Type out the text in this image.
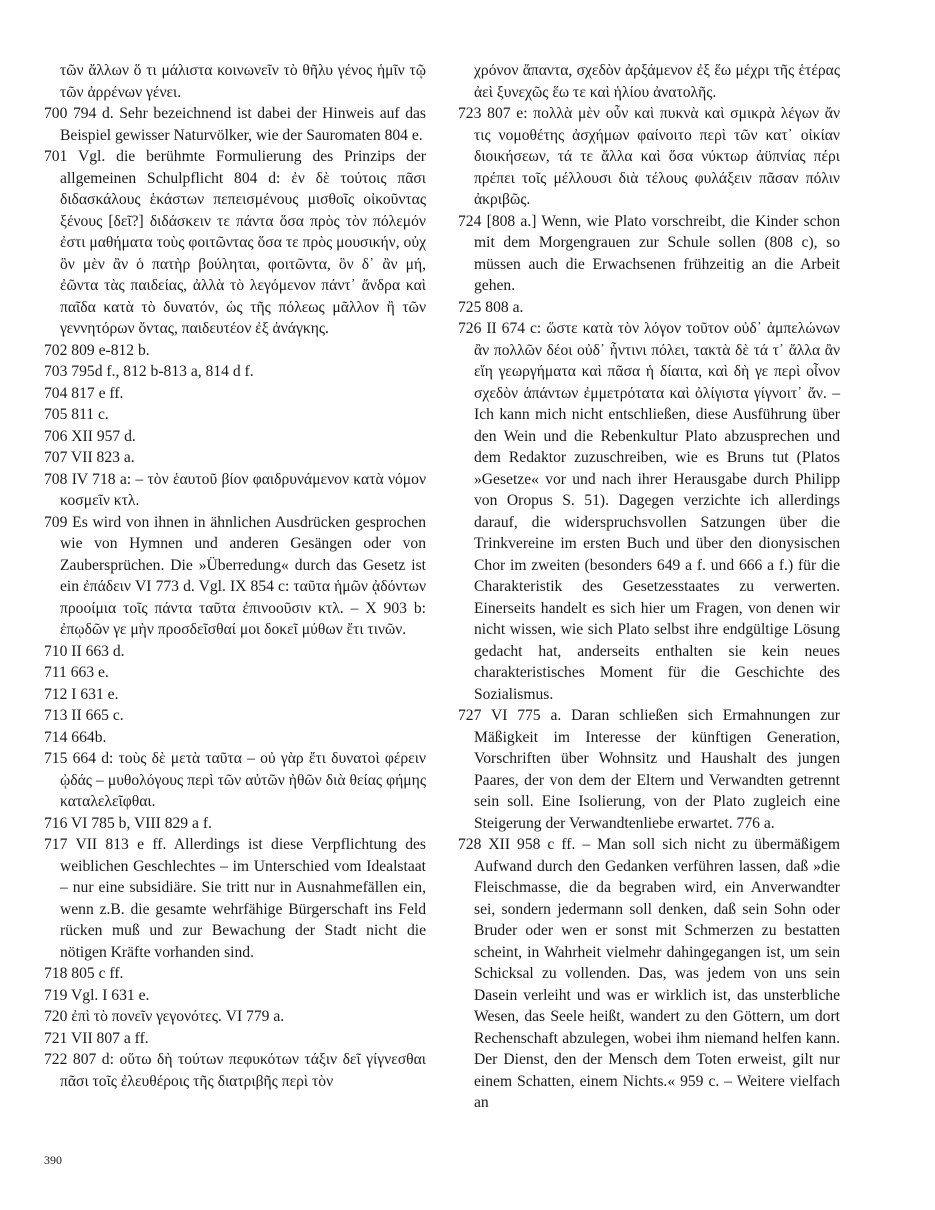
τῶν ἄλλων ὅ τι μάλιστα κοινωνεῖν τὸ θῆλυ γένος ἡμῖν τῷ τῶν ἀρρένων γένει.

700 794 d. Sehr bezeichnend ist dabei der Hinweis auf das Beispiel gewisser Naturvölker, wie der Sauromaten 804 e.

701 Vgl. die berühmte Formulierung des Prinzips der allgemeinen Schulpflicht 804 d: ἐν δὲ τούτοις πᾶσι διδασκάλους ἑκάστων πεπεισμένους μισθοῖς οἰκοῦντας ξένους [δεῖ?] διδάσκειν τε πάντα ὅσα πρὸς τὸν πόλεμόν ἐστι μαθήματα τοὺς φοιτῶντας ὅσα τε πρὸς μουσικήν, οὐχ ὃν μὲν ἂν ὁ πατὴρ βούληται, φοιτῶντα, ὃν δ᾽ ἂν μή, ἐῶντα τὰς παιδείας, ἀλλὰ τὸ λεγόμενον πάντ᾽ ἄνδρα καὶ παῖδα κατὰ τὸ δυνατόν, ὡς τῆς πόλεως μᾶλλον ἢ τῶν γεννητόρων ὄντας, παιδευτέον ἐξ ἀνάγκης.

702 809 e-812 b.

703 795d f., 812 b-813 a, 814 d f.

704 817 e ff.

705 811 c.

706 XII 957 d.

707 VII 823 a.

708 IV 718 a: – τὸν ἑαυτοῦ βίον φαιδρυνάμενον κατὰ νόμον κοσμεῖν κτλ.

709 Es wird von ihnen in ähnlichen Ausdrücken gesprochen wie von Hymnen und anderen Gesängen oder von Zaubersprüchen. Die »Überredung« durch das Gesetz ist ein ἐπάδειν VI 773 d. Vgl. IX 854 c: ταῦτα ἡμῶν ᾀδόντων προοίμια τοῖς πάντα ταῦτα ἐπινοοῦσιν κτλ. – X 903 b: ἐπῳδῶν γε μὴν προσδεῖσθαί μοι δοκεῖ μύθων ἔτι τινῶν.

710 II 663 d.

711 663 e.

712 I 631 e.

713 II 665 c.

714 664b.

715 664 d: τοὺς δὲ μετὰ ταῦτα – οὐ γὰρ ἔτι δυνατοὶ φέρειν ᾠδάς – μυθολόγους περὶ τῶν αὐτῶν ἠθῶν διὰ θείας φήμης καταλελεῖφθαι.

716 VI 785 b, VIII 829 a f.

717 VII 813 e ff. Allerdings ist diese Verpflichtung des weiblichen Geschlechtes – im Unterschied vom Idealstaat – nur eine subsidiäre. Sie tritt nur in Ausnahmefällen ein, wenn z.B. die gesamte wehrfähige Bürgerschaft ins Feld rücken muß und zur Bewachung der Stadt nicht die nötigen Kräfte vorhanden sind.

718 805 c ff.

719 Vgl. I 631 e.

720 ἐπὶ τὸ πονεῖν γεγονότες. VI 779 a.

721 VII 807 a ff.

722 807 d: οὕτω δὴ τούτων πεφυκότων τάξιν δεῖ γίγνεσθαι πᾶσι τοῖς ἐλευθέροις τῆς διατριβῆς περὶ τὸν

χρόνον ἅπαντα, σχεδὸν ἀρξάμενον ἐξ ἕω μέχρι τῆς ἑτέρας ἀεὶ ξυνεχῶς ἕω τε καὶ ἡλίου ἀνατολῆς.

723 807 e: πολλὰ μὲν οὖν καὶ πυκνὰ καὶ σμικρὰ λέγων ἄν τις νομοθέτης ἀσχήμων φαίνοιτο περὶ τῶν κατ᾽ οἰκίαν διοικήσεων, τά τε ἄλλα καὶ ὅσα νύκτωρ ἀϋπνίας πέρι πρέπει τοῖς μέλλουσι διὰ τέλους φυλάξειν πᾶσαν πόλιν ἀκριβῶς.

724 [808 a.] Wenn, wie Plato vorschreibt, die Kinder schon mit dem Morgengrauen zur Schule sollen (808 c), so müssen auch die Erwachsenen frühzeitig an die Arbeit gehen.

725 808 a.

726 II 674 c: ὥστε κατὰ τὸν λόγον τοῦτον οὐδ᾽ ἀμπελώνων ἂν πολλῶν δέοι οὐδ᾽ ἧντινι πόλει, τακτὰ δὲ τά τ᾽ ἄλλα ἂν εἴη γεωργήματα καὶ πᾶσα ἡ δίαιτα, καὶ δὴ γε περὶ οἶνον σχεδὸν ἁπάντων ἐμμετρότατα καὶ ὀλίγιστα γίγνοιτ᾽ ἄν. – Ich kann mich nicht entschließen, diese Ausführung über den Wein und die Rebenkultur Plato abzusprechen und dem Redaktor zuzuschreiben, wie es Bruns tut (Platos »Gesetze« vor und nach ihrer Herausgabe durch Philipp von Oropus S. 51). Dagegen verzichte ich allerdings darauf, die widerspruchsvollen Satzungen über die Trinkvereine im ersten Buch und über den dionysischen Chor im zweiten (besonders 649 a f. und 666 a f.) für die Charakteristik des Gesetzesstaates zu verwerten. Einerseits handelt es sich hier um Fragen, von denen wir nicht wissen, wie sich Plato selbst ihre endgültige Lösung gedacht hat, anderseits enthalten sie kein neues charakteristisches Moment für die Geschichte des Sozialismus.

727 VI 775 a. Daran schließen sich Ermahnungen zur Mäßigkeit im Interesse der künftigen Generation, Vorschriften über Wohnsitz und Haushalt des jungen Paares, der von dem der Eltern und Verwandten getrennt sein soll. Eine Isolierung, von der Plato zugleich eine Steigerung der Verwandtenliebe erwartet. 776 a.

728 XII 958 c ff. – Man soll sich nicht zu übermäßigem Aufwand durch den Gedanken verführen lassen, daß »die Fleischmasse, die da begraben wird, ein Anverwandter sei, sondern jedermann soll denken, daß sein Sohn oder Bruder oder wen er sonst mit Schmerzen zu bestatten scheint, in Wahrheit vielmehr dahingegangen ist, um sein Schicksal zu vollenden. Das, was jedem von uns sein Dasein verleiht und was er wirklich ist, das unsterbliche Wesen, das Seele heißt, wandert zu den Göttern, um dort Rechenschaft abzulegen, wobei ihm niemand helfen kann. Der Dienst, den der Mensch dem Toten erweist, gilt nur einem Schatten, einem Nichts.« 959 c. – Weitere vielfach an

390
